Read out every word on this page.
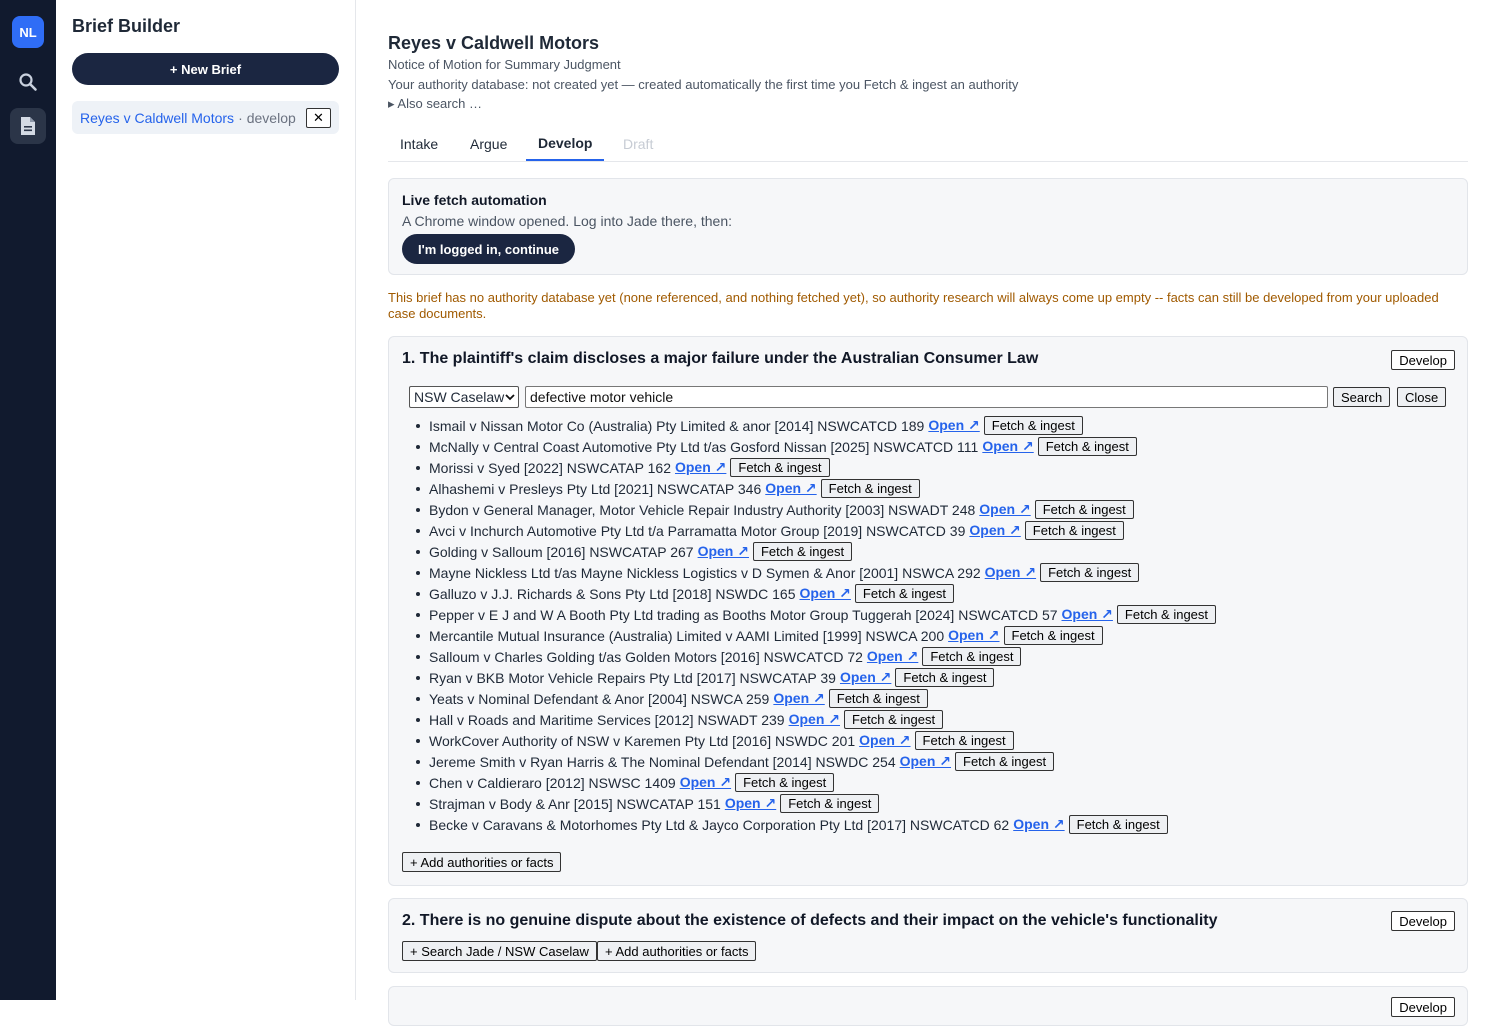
NL	Brief Builder
+ New Brief
Reyes v Caldwell Motors · develop ✕
Reyes v Caldwell Motors
Notice of Motion for Summary Judgment
Your authority database: not created yet — created automatically the first time you Fetch & ingest an authority
▸ Also search …
Intake	Argue	Develop	Draft
Live fetch automation
A Chrome window opened. Log into Jade there, then:
I'm logged in, continue
This brief has no authority database yet (none referenced, and nothing fetched yet), so authority research will always come up empty -- facts can still be developed from your uploaded case documents.
1. The plaintiff's claim discloses a major failure under the Australian Consumer Law	Develop
NSW Caselaw
defective motor vehicle	Search	Close
Ismail v Nissan Motor Co (Australia) Pty Limited & anor [2014] NSWCATCD 189 Open ↗ Fetch & ingest
McNally v Central Coast Automotive Pty Ltd t/as Gosford Nissan [2025] NSWCATCD 111 Open ↗ Fetch & ingest
Morissi v Syed [2022] NSWCATAP 162 Open ↗ Fetch & ingest
Alhashemi v Presleys Pty Ltd [2021] NSWCATAP 346 Open ↗ Fetch & ingest
Bydon v General Manager, Motor Vehicle Repair Industry Authority [2003] NSWADT 248 Open ↗ Fetch & ingest
Avci v Inchurch Automotive Pty Ltd t/a Parramatta Motor Group [2019] NSWCATCD 39 Open ↗ Fetch & ingest
Golding v Salloum [2016] NSWCATAP 267 Open ↗ Fetch & ingest
Mayne Nickless Ltd t/as Mayne Nickless Logistics v D Symen & Anor [2001] NSWCA 292 Open ↗ Fetch & ingest
Galluzo v J.J. Richards & Sons Pty Ltd [2018] NSWDC 165 Open ↗ Fetch & ingest
Pepper v E J and W A Booth Pty Ltd trading as Booths Motor Group Tuggerah [2024] NSWCATCD 57 Open ↗ Fetch & ingest
Mercantile Mutual Insurance (Australia) Limited v AAMI Limited [1999] NSWCA 200 Open ↗ Fetch & ingest
Salloum v Charles Golding t/as Golden Motors [2016] NSWCATCD 72 Open ↗ Fetch & ingest
Ryan v BKB Motor Vehicle Repairs Pty Ltd [2017] NSWCATAP 39 Open ↗ Fetch & ingest
Yeats v Nominal Defendant & Anor [2004] NSWCA 259 Open ↗ Fetch & ingest
Hall v Roads and Maritime Services [2012] NSWADT 239 Open ↗ Fetch & ingest
WorkCover Authority of NSW v Karemen Pty Ltd [2016] NSWDC 201 Open ↗ Fetch & ingest
Jereme Smith v Ryan Harris & The Nominal Defendant [2014] NSWDC 254 Open ↗ Fetch & ingest
Chen v Caldieraro [2012] NSWSC 1409 Open ↗ Fetch & ingest
Strajman v Body & Anr [2015] NSWCATAP 151 Open ↗ Fetch & ingest
Becke v Caravans & Motorhomes Pty Ltd & Jayco Corporation Pty Ltd [2017] NSWCATCD 62 Open ↗ Fetch & ingest
+ Add authorities or facts
2. There is no genuine dispute about the existence of defects and their impact on the vehicle's functionality	Develop
+ Search Jade / NSW Caselaw	+ Add authorities or facts
Develop
